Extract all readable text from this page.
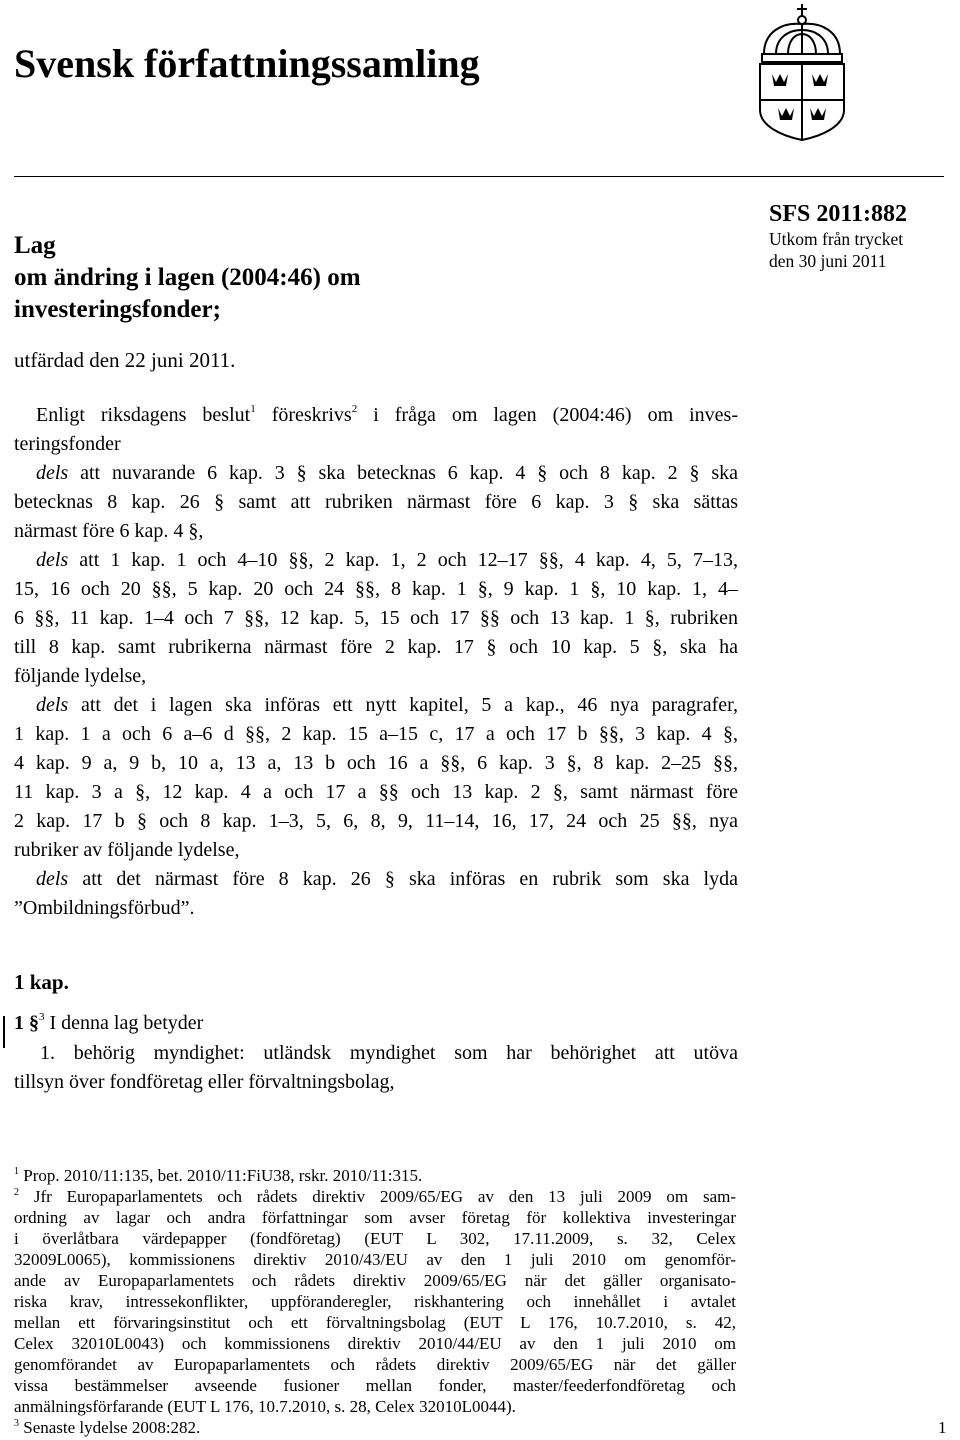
Svensk författningssamling
SFS 2011:882
Utkom från trycket
den 30 juni 2011
Lag
om ändring i lagen (2004:46) om
investeringsfonder;
utfärdad den 22 juni 2011.
Enligt riksdagens beslut$^1$ föreskrivs$^2$ i fråga om lagen (2004:46) om inves-
teringsfonder
dels att nuvarande 6 kap. 3 § ska betecknas 6 kap. 4 § och 8 kap. 2 § ska
betecknas 8 kap. 26 § samt att rubriken närmast före 6 kap. 3 § ska sättas
närmast före 6 kap. 4 §,
dels att 1 kap. 1 och 4–10 §§, 2 kap. 1, 2 och 12–17 §§, 4 kap. 4, 5, 7–13,
15, 16 och 20 §§, 5 kap. 20 och 24 §§, 8 kap. 1 §, 9 kap. 1 §, 10 kap. 1, 4–
6 §§, 11 kap. 1–4 och 7 §§, 12 kap. 5, 15 och 17 §§ och 13 kap. 1 §, rubriken
till 8 kap. samt rubrikerna närmast före 2 kap. 17 § och 10 kap. 5 §, ska ha
följande lydelse,
dels att det i lagen ska införas ett nytt kapitel, 5 a kap., 46 nya paragrafer,
1 kap. 1 a och 6 a–6 d §§, 2 kap. 15 a–15 c, 17 a och 17 b §§, 3 kap. 4 §,
4 kap. 9 a, 9 b, 10 a, 13 a, 13 b och 16 a §§, 6 kap. 3 §, 8 kap. 2–25 §§,
11 kap. 3 a §, 12 kap. 4 a och 17 a §§ och 13 kap. 2 §, samt närmast före
2 kap. 17 b § och 8 kap. 1–3, 5, 6, 8, 9, 11–14, 16, 17, 24 och 25 §§, nya
rubriker av följande lydelse,
dels att det närmast före 8 kap. 26 § ska införas en rubrik som ska lyda
”Ombildningsförbud”.
1 kap.
1 §$^3$ I denna lag betyder
1. behörig myndighet: utländsk myndighet som har behörighet att utöva
tillsyn över fondföretag eller förvaltningsbolag,
$^1$ Prop. 2010/11:135, bet. 2010/11:FiU38, rskr. 2010/11:315.
$^2$ Jfr Europaparlamentets och rådets direktiv 2009/65/EG av den 13 juli 2009 om sam-
ordning av lagar och andra författningar som avser företag för kollektiva investeringar
i överlåtbara värdepapper (fondföretag) (EUT L 302, 17.11.2009, s. 32, Celex
32009L0065), kommissionens direktiv 2010/43/EU av den 1 juli 2010 om genomför-
ande av Europaparlamentets och rådets direktiv 2009/65/EG när det gäller organisato-
riska krav, intressekonflikter, uppföranderegler, riskhantering och innehållet i avtalet
mellan ett förvaringsinstitut och ett förvaltningsbolag (EUT L 176, 10.7.2010, s. 42,
Celex 32010L0043) och kommissionens direktiv 2010/44/EU av den 1 juli 2010 om
genomförandet av Europaparlamentets och rådets direktiv 2009/65/EG när det gäller
vissa bestämmelser avseende fusioner mellan fonder, master/feederfondföretag och
anmälningsförfarande (EUT L 176, 10.7.2010, s. 28, Celex 32010L0044).
$^3$ Senaste lydelse 2008:282.	1
